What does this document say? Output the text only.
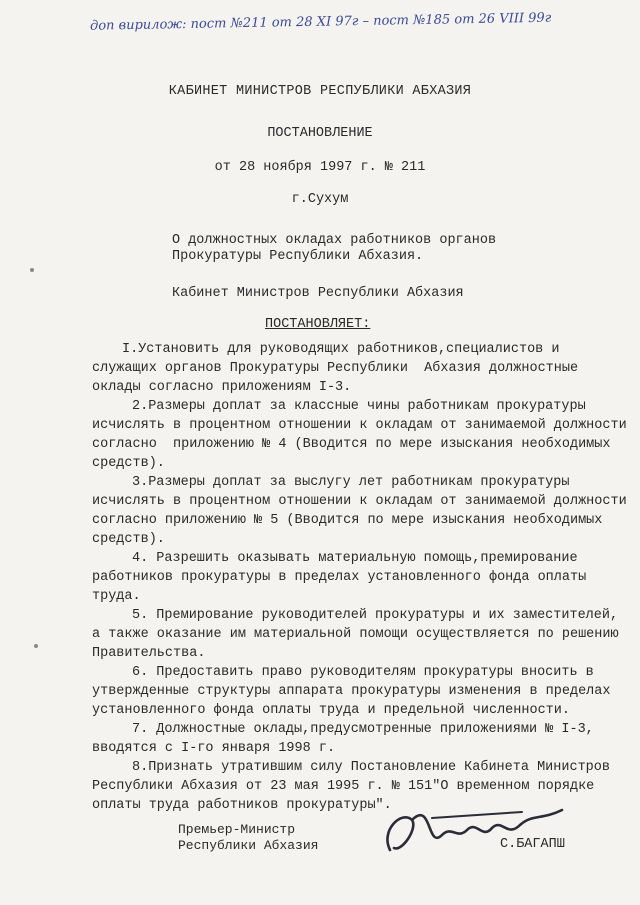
доп вирилож: пост №211 от 28 XI 97г – пост №185 от 26 VIII 99г
КАБИНЕТ МИНИСТРОВ РЕСПУБЛИКИ АБХАЗИЯ
ПОСТАНОВЛЕНИЕ
от 28 ноября 1997 г. № 211
г.Сухум
О должностных окладах работников органов
Прокуратуры Республики Абхазия.
Кабинет Министров Республики Абхазия
ПОСТАНОВЛЯЕТ:

I.Установить для руководящих работников,специалистов и служащих органов Прокуратуры Республики  Абхазия должностные оклады согласно приложениям I-3.

2.Размеры доплат за классные чины работникам прокуратуры исчислять в процентном отношении к окладам от занимаемой должности согласно  приложению № 4 (Вводится по мере изыскания необходимых средств).

3.Размеры доплат за выслугу лет работникам прокуратуры исчислять в процентном отношении к окладам от занимаемой должности согласно приложению № 5 (Вводится по мере изыскания необходимых средств).

4. Разрешить оказывать материальную помощь,премирование работников прокуратуры в пределах установленного фонда оплаты труда.

5. Премирование руководителей прокуратуры и их заместителей, а также оказание им материальной помощи осуществляется по решению Правительства.

6. Предоставить право руководителям прокуратуры вносить в утвержденные структуры аппарата прокуратуры изменения в пределах установленного фонда оплаты труда и предельной численности.

7. Должностные оклады,предусмотренные приложениями № I-3, вводятся с I-го января 1998 г.

8.Признать утратившим силу Постановление Кабинета Министров Республики Абхазия от 23 мая 1995 г. № 151"О временном порядке оплаты труда работников прокуратуры".

Премьер-Министр
Республики Абхазия	С.БАГАПШ
